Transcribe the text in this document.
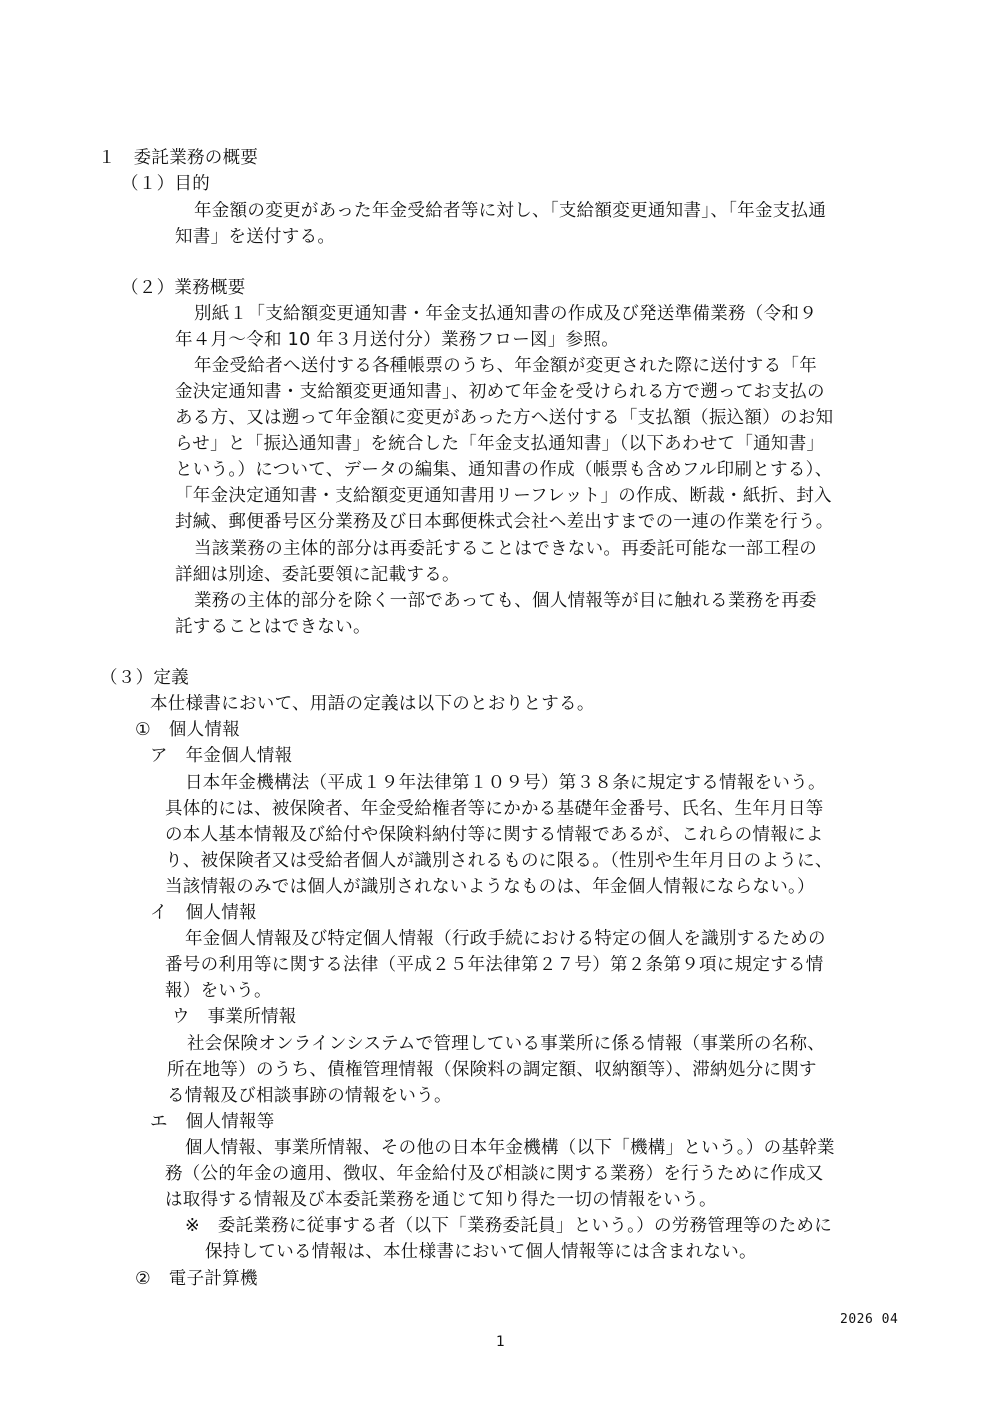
１　委託業務の概要
（１）目的
年金額の変更があった年金受給者等に対し、「支給額変更通知書」、「年金支払通
知書」を送付する。
（２）業務概要
別紙１「支給額変更通知書・年金支払通知書の作成及び発送準備業務（令和９
年４月～令和 10 年３月送付分）業務フロー図」参照。
年金受給者へ送付する各種帳票のうち、年金額が変更された際に送付する「年
金決定通知書・支給額変更通知書」、初めて年金を受けられる方で遡ってお支払の
ある方、又は遡って年金額に変更があった方へ送付する「支払額（振込額）のお知
らせ」と「振込通知書」を統合した「年金支払通知書」（以下あわせて「通知書」
という。）について、データの編集、通知書の作成（帳票も含めフル印刷とする）、
「年金決定通知書・支給額変更通知書用リーフレット」の作成、断裁・紙折、封入
封緘、郵便番号区分業務及び日本郵便株式会社へ差出すまでの一連の作業を行う。
当該業務の主体的部分は再委託することはできない。再委託可能な一部工程の
詳細は別途、委託要領に記載する。
業務の主体的部分を除く一部であっても、個人情報等が目に触れる業務を再委
託することはできない。
（３）定義
本仕様書において、用語の定義は以下のとおりとする。
①　個人情報
ア　年金個人情報
日本年金機構法（平成１９年法律第１０９号）第３８条に規定する情報をいう。
具体的には、被保険者、年金受給権者等にかかる基礎年金番号、氏名、生年月日等
の本人基本情報及び給付や保険料納付等に関する情報であるが、これらの情報によ
り、被保険者又は受給者個人が識別されるものに限る。（性別や生年月日のように、
当該情報のみでは個人が識別されないようなものは、年金個人情報にならない。）
イ　個人情報
年金個人情報及び特定個人情報（行政手続における特定の個人を識別するための
番号の利用等に関する法律（平成２５年法律第２７号）第２条第９項に規定する情
報）をいう。
ウ　事業所情報
社会保険オンラインシステムで管理している事業所に係る情報（事業所の名称、
所在地等）のうち、債権管理情報（保険料の調定額、収納額等）、滞納処分に関す
る情報及び相談事跡の情報をいう。
エ　個人情報等
個人情報、事業所情報、その他の日本年金機構（以下「機構」という。）の基幹業
務（公的年金の適用、徴収、年金給付及び相談に関する業務）を行うために作成又
は取得する情報及び本委託業務を通じて知り得た一切の情報をいう。
※　委託業務に従事する者（以下「業務委託員」という。）の労務管理等のために
保持している情報は、本仕様書において個人情報等には含まれない。
②　電子計算機
2026 04
1
